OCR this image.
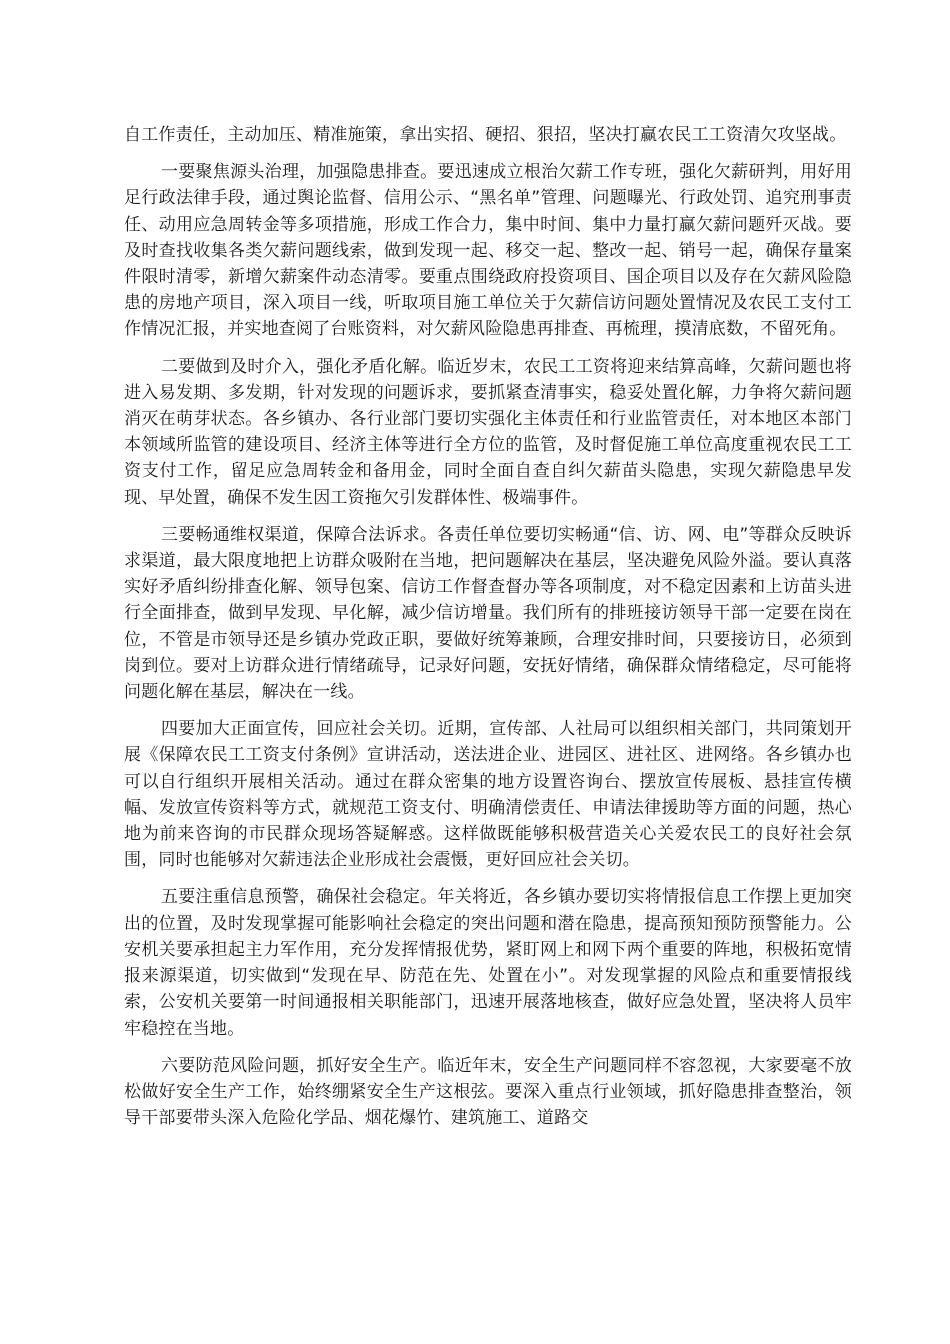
自工作责任，主动加压、精准施策，拿出实招、硬招、狠招，坚决打赢农民工工资清欠攻坚战。

一要聚焦源头治理，加强隐患排查。要迅速成立根治欠薪工作专班，强化欠薪研判，用好用足行政法律手段，通过舆论监督、信用公示、“黑名单”管理、问题曝光、行政处罚、追究刑事责任、动用应急周转金等多项措施，形成工作合力，集中时间、集中力量打赢欠薪问题歼灭战。要及时查找收集各类欠薪问题线索，做到发现一起、移交一起、整改一起、销号一起，确保存量案件限时清零，新增欠薪案件动态清零。要重点围绕政府投资项目、国企项目以及存在欠薪风险隐患的房地产项目，深入项目一线，听取项目施工单位关于欠薪信访问题处置情况及农民工支付工作情况汇报，并实地查阅了台账资料，对欠薪风险隐患再排查、再梳理，摸清底数，不留死角。

二要做到及时介入，强化矛盾化解。临近岁末，农民工工资将迎来结算高峰，欠薪问题也将进入易发期、多发期，针对发现的问题诉求，要抓紧查清事实，稳妥处置化解，力争将欠薪问题消灭在萌芽状态。各乡镇办、各行业部门要切实强化主体责任和行业监管责任，对本地区本部门本领域所监管的建设项目、经济主体等进行全方位的监管，及时督促施工单位高度重视农民工工资支付工作，留足应急周转金和备用金，同时全面自查自纠欠薪苗头隐患，实现欠薪隐患早发现、早处置，确保不发生因工资拖欠引发群体性、极端事件。

三要畅通维权渠道，保障合法诉求。各责任单位要切实畅通“信、访、网、电”等群众反映诉求渠道，最大限度地把上访群众吸附在当地，把问题解决在基层，坚决避免风险外溢。要认真落实好矛盾纠纷排查化解、领导包案、信访工作督查督办等各项制度，对不稳定因素和上访苗头进行全面排查，做到早发现、早化解，减少信访增量。我们所有的排班接访领导干部一定要在岗在位，不管是市领导还是乡镇办党政正职，要做好统筹兼顾，合理安排时间，只要接访日，必须到岗到位。要对上访群众进行情绪疏导，记录好问题，安抚好情绪，确保群众情绪稳定，尽可能将问题化解在基层，解决在一线。

四要加大正面宣传，回应社会关切。近期，宣传部、人社局可以组织相关部门，共同策划开展《保障农民工工资支付条例》宣讲活动，送法进企业、进园区、进社区、进网络。各乡镇办也可以自行组织开展相关活动。通过在群众密集的地方设置咨询台、摆放宣传展板、悬挂宣传横幅、发放宣传资料等方式，就规范工资支付、明确清偿责任、申请法律援助等方面的问题，热心地为前来咨询的市民群众现场答疑解惑。这样做既能够积极营造关心关爱农民工的良好社会氛围，同时也能够对欠薪违法企业形成社会震慑，更好回应社会关切。

五要注重信息预警，确保社会稳定。年关将近，各乡镇办要切实将情报信息工作摆上更加突出的位置，及时发现掌握可能影响社会稳定的突出问题和潜在隐患，提高预知预防预警能力。公安机关要承担起主力军作用，充分发挥情报优势，紧盯网上和网下两个重要的阵地，积极拓宽情报来源渠道，切实做到“发现在早、防范在先、处置在小”。对发现掌握的风险点和重要情报线索，公安机关要第一时间通报相关职能部门，迅速开展落地核查，做好应急处置，坚决将人员牢牢稳控在当地。

六要防范风险问题，抓好安全生产。临近年末，安全生产问题同样不容忽视，大家要毫不放松做好安全生产工作，始终绷紧安全生产这根弦。要深入重点行业领域，抓好隐患排查整治，领导干部要带头深入危险化学品、烟花爆竹、建筑施工、道路交
